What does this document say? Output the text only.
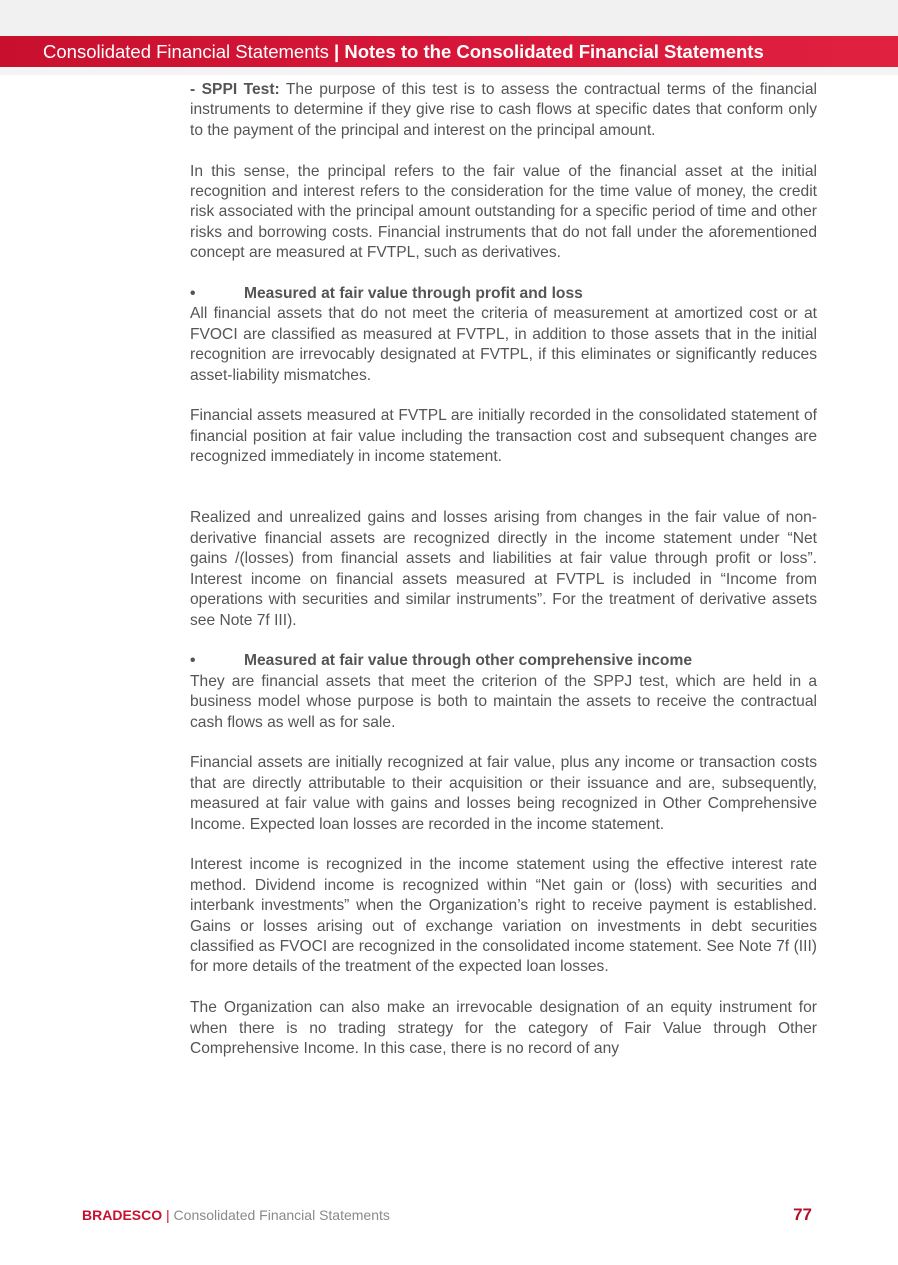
Consolidated Financial Statements | Notes to the Consolidated Financial Statements

- SPPI Test: The purpose of this test is to assess the contractual terms of the financial instruments to determine if they give rise to cash flows at specific dates that conform only to the payment of the principal and interest on the principal amount.

In this sense, the principal refers to the fair value of the financial asset at the initial recognition and interest refers to the consideration for the time value of money, the credit risk associated with the principal amount outstanding for a specific period of time and other risks and borrowing costs. Financial instruments that do not fall under the aforementioned concept are measured at FVTPL, such as derivatives.

•	Measured at fair value through profit and loss

All financial assets that do not meet the criteria of measurement at amortized cost or at FVOCI are classified as measured at FVTPL, in addition to those assets that in the initial recognition are irrevocably designated at FVTPL, if this eliminates or significantly reduces asset-liability mismatches.

Financial assets measured at FVTPL are initially recorded in the consolidated statement of financial position at fair value including the transaction cost and subsequent changes are recognized immediately in income statement.

Realized and unrealized gains and losses arising from changes in the fair value of non-derivative financial assets are recognized directly in the income statement under “Net gains /(losses) from financial assets and liabilities at fair value through profit or loss”. Interest income on financial assets measured at FVTPL is included in “Income from operations with securities and similar instruments”. For the treatment of derivative assets see Note 7f III).

•	Measured at fair value through other comprehensive income

They are financial assets that meet the criterion of the SPPJ test, which are held in a business model whose purpose is both to maintain the assets to receive the contractual cash flows as well as for sale.

Financial assets are initially recognized at fair value, plus any income or transaction costs that are directly attributable to their acquisition or their issuance and are, subsequently, measured at fair value with gains and losses being recognized in Other Comprehensive Income. Expected loan losses are recorded in the income statement.

Interest income is recognized in the income statement using the effective interest rate method. Dividend income is recognized within “Net gain or (loss) with securities and interbank investments” when the Organization’s right to receive payment is established. Gains or losses arising out of exchange variation on investments in debt securities classified as FVOCI are recognized in the consolidated income statement. See Note 7f (III) for more details of the treatment of the expected loan losses.

The Organization can also make an irrevocable designation of an equity instrument for when there is no trading strategy for the category of Fair Value through Other Comprehensive Income. In this case, there is no record of any

BRADESCO | Consolidated Financial Statements	77
